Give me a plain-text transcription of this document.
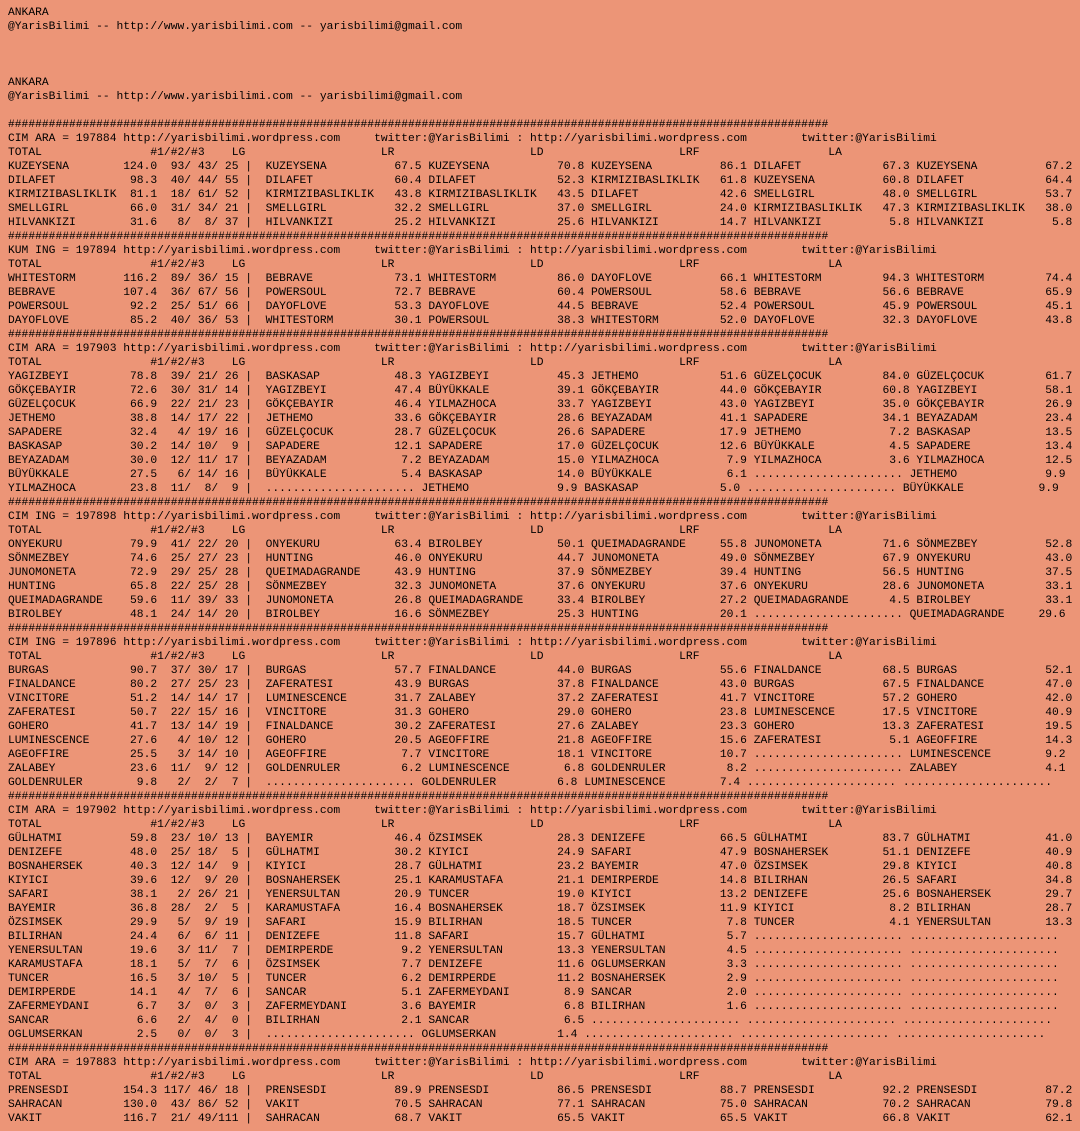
ANKARA
@YarisBilimi -- http://www.yarisbilimi.com -- yarisbilimi@gmail.com
ANKARA
@YarisBilimi -- http://www.yarisbilimi.com -- yarisbilimi@gmail.com
#########################################################################################################################
CIM ARA = 197884 http://yarisbilimi.wordpress.com     twitter:@YarisBilimi : http://yarisbilimi.wordpress.com        twitter:@YarisBilimi
TOTAL                #1/#2/#3    LG                    LR                    LD                    LRF                   LA
KUZEYSENA        124.0  93/ 43/ 25 |  KUZEYSENA          67.5 KUZEYSENA          70.8 KUZEYSENA          86.1 DILAFET            67.3 KUZEYSENA          67.2
DILAFET           98.3  40/ 44/ 55 |  DILAFET            60.4 DILAFET            52.3 KIRMIZIBASLIKLIK   61.8 KUZEYSENA          60.8 DILAFET            64.4
KIRMIZIBASLIKLIK  81.1  18/ 61/ 52 |  KIRMIZIBASLIKLIK   43.8 KIRMIZIBASLIKLIK   43.5 DILAFET            42.6 SMELLGIRL          48.0 SMELLGIRL          53.7
SMELLGIRL         66.0  31/ 34/ 21 |  SMELLGIRL          32.2 SMELLGIRL          37.0 SMELLGIRL          24.0 KIRMIZIBASLIKLIK   47.3 KIRMIZIBASLIKLIK   38.0
HILVANKIZI        31.6   8/  8/ 37 |  HILVANKIZI         25.2 HILVANKIZI         25.6 HILVANKIZI         14.7 HILVANKIZI          5.8 HILVANKIZI          5.8
#########################################################################################################################
KUM ING = 197894 http://yarisbilimi.wordpress.com     twitter:@YarisBilimi : http://yarisbilimi.wordpress.com        twitter:@YarisBilimi
TOTAL                #1/#2/#3    LG                    LR                    LD                    LRF                   LA
WHITESTORM       116.2  89/ 36/ 15 |  BEBRAVE            73.1 WHITESTORM         86.0 DAYOFLOVE          66.1 WHITESTORM         94.3 WHITESTORM         74.4
BEBRAVE          107.4  36/ 67/ 56 |  POWERSOUL          72.7 BEBRAVE            60.4 POWERSOUL          58.6 BEBRAVE            56.6 BEBRAVE            65.9
POWERSOUL         92.2  25/ 51/ 66 |  DAYOFLOVE          53.3 DAYOFLOVE          44.5 BEBRAVE            52.4 POWERSOUL          45.9 POWERSOUL          45.1
DAYOFLOVE         85.2  40/ 36/ 53 |  WHITESTORM         30.1 POWERSOUL          38.3 WHITESTORM         52.0 DAYOFLOVE          32.3 DAYOFLOVE          43.8
#########################################################################################################################
CIM ARA = 197903 http://yarisbilimi.wordpress.com     twitter:@YarisBilimi : http://yarisbilimi.wordpress.com        twitter:@YarisBilimi
TOTAL                #1/#2/#3    LG                    LR                    LD                    LRF                   LA
YAGIZBEYI         78.8  39/ 21/ 26 |  BASKASAP           48.3 YAGIZBEYI          45.3 JETHEMO            51.6 GÜZELÇOCUK         84.0 GÜZELÇOCUK         61.7
GÖKÇEBAYIR        72.6  30/ 31/ 14 |  YAGIZBEYI          47.4 BÜYÜKKALE          39.1 GÖKÇEBAYIR         44.0 GÖKÇEBAYIR         60.8 YAGIZBEYI          58.1
GÜZELÇOCUK        66.9  22/ 21/ 23 |  GÖKÇEBAYIR         46.4 YILMAZHOCA         33.7 YAGIZBEYI          43.0 YAGIZBEYI          35.0 GÖKÇEBAYIR         26.9
JETHEMO           38.8  14/ 17/ 22 |  JETHEMO            33.6 GÖKÇEBAYIR         28.6 BEYAZADAM          41.1 SAPADERE           34.1 BEYAZADAM          23.4
SAPADERE          32.4   4/ 19/ 16 |  GÜZELÇOCUK         28.7 GÜZELÇOCUK         26.6 SAPADERE           17.9 JETHEMO             7.2 BASKASAP           13.5
BASKASAP          30.2  14/ 10/  9 |  SAPADERE           12.1 SAPADERE           17.0 GÜZELÇOCUK         12.6 BÜYÜKKALE           4.5 SAPADERE           13.4
BEYAZADAM         30.0  12/ 11/ 17 |  BEYAZADAM           7.2 BEYAZADAM          15.0 YILMAZHOCA          7.9 YILMAZHOCA          3.6 YILMAZHOCA         12.5
BÜYÜKKALE         27.5   6/ 14/ 16 |  BÜYÜKKALE           5.4 BASKASAP           14.0 BÜYÜKKALE           6.1 ...................... JETHEMO             9.9
YILMAZHOCA        23.8  11/  8/  9 |  ...................... JETHEMO             9.9 BASKASAP            5.0 ...................... BÜYÜKKALE           9.9
#########################################################################################################################
CIM ING = 197898 http://yarisbilimi.wordpress.com     twitter:@YarisBilimi : http://yarisbilimi.wordpress.com        twitter:@YarisBilimi
TOTAL                #1/#2/#3    LG                    LR                    LD                    LRF                   LA
ONYEKURU          79.9  41/ 22/ 20 |  ONYEKURU           63.4 BIROLBEY           50.1 QUEIMADAGRANDE     55.8 JUNOMONETA         71.6 SÖNMEZBEY          52.8
SÖNMEZBEY         74.6  25/ 27/ 23 |  HUNTING            46.0 ONYEKURU           44.7 JUNOMONETA         49.0 SÖNMEZBEY          67.9 ONYEKURU           43.0
JUNOMONETA        72.9  29/ 25/ 28 |  QUEIMADAGRANDE     43.9 HUNTING            37.9 SÖNMEZBEY          39.4 HUNTING            56.5 HUNTING            37.5
HUNTING           65.8  22/ 25/ 28 |  SÖNMEZBEY          32.3 JUNOMONETA         37.6 ONYEKURU           37.6 ONYEKURU           28.6 JUNOMONETA         33.1
QUEIMADAGRANDE    59.6  11/ 39/ 33 |  JUNOMONETA         26.8 QUEIMADAGRANDE     33.4 BIROLBEY           27.2 QUEIMADAGRANDE      4.5 BIROLBEY           33.1
BIROLBEY          48.1  24/ 14/ 20 |  BIROLBEY           16.6 SÖNMEZBEY          25.3 HUNTING            20.1 ...................... QUEIMADAGRANDE     29.6
#########################################################################################################################
CIM ING = 197896 http://yarisbilimi.wordpress.com     twitter:@YarisBilimi : http://yarisbilimi.wordpress.com        twitter:@YarisBilimi
TOTAL                #1/#2/#3    LG                    LR                    LD                    LRF                   LA
BURGAS            90.7  37/ 30/ 17 |  BURGAS             57.7 FINALDANCE         44.0 BURGAS             55.6 FINALDANCE         68.5 BURGAS             52.1
FINALDANCE        80.2  27/ 25/ 23 |  ZAFERATESI         43.9 BURGAS             37.8 FINALDANCE         43.0 BURGAS             67.5 FINALDANCE         47.0
VINCITORE         51.2  14/ 14/ 17 |  LUMINESCENCE       31.7 ZALABEY            37.2 ZAFERATESI         41.7 VINCITORE          57.2 GOHERO             42.0
ZAFERATESI        50.7  22/ 15/ 16 |  VINCITORE          31.3 GOHERO             29.0 GOHERO             23.8 LUMINESCENCE       17.5 VINCITORE          40.9
GOHERO            41.7  13/ 14/ 19 |  FINALDANCE         30.2 ZAFERATESI         27.6 ZALABEY            23.3 GOHERO             13.3 ZAFERATESI         19.5
LUMINESCENCE      27.6   4/ 10/ 12 |  GOHERO             20.5 AGEOFFIRE          21.8 AGEOFFIRE          15.6 ZAFERATESI          5.1 AGEOFFIRE          14.3
AGEOFFIRE         25.5   3/ 14/ 10 |  AGEOFFIRE           7.7 VINCITORE          18.1 VINCITORE          10.7 ...................... LUMINESCENCE        9.2
ZALABEY           23.6  11/  9/ 12 |  GOLDENRULER         6.2 LUMINESCENCE        6.8 GOLDENRULER         8.2 ...................... ZALABEY             4.1
GOLDENRULER        9.8   2/  2/  7 |  ...................... GOLDENRULER         6.8 LUMINESCENCE        7.4 ...................... ......................
#########################################################################################################################
CIM ARA = 197902 http://yarisbilimi.wordpress.com     twitter:@YarisBilimi : http://yarisbilimi.wordpress.com        twitter:@YarisBilimi
TOTAL                #1/#2/#3    LG                    LR                    LD                    LRF                   LA
GÜLHATMI          59.8  23/ 10/ 13 |  BAYEMIR            46.4 ÖZSIMSEK           28.3 DENIZEFE           66.5 GÜLHATMI           83.7 GÜLHATMI           41.0
DENIZEFE          48.0  25/ 18/  5 |  GÜLHATMI           30.2 KIYICI             24.9 SAFARI             47.9 BOSNAHERSEK        51.1 DENIZEFE           40.9
BOSNAHERSEK       40.3  12/ 14/  9 |  KIYICI             28.7 GÜLHATMI           23.2 BAYEMIR            47.0 ÖZSIMSEK           29.8 KIYICI             40.8
KIYICI            39.6  12/  9/ 20 |  BOSNAHERSEK        25.1 KARAMUSTAFA        21.1 DEMIRPERDE         14.8 BILIRHAN           26.5 SAFARI             34.8
SAFARI            38.1   2/ 26/ 21 |  YENERSULTAN        20.9 TUNCER             19.0 KIYICI             13.2 DENIZEFE           25.6 BOSNAHERSEK        29.7
BAYEMIR           36.8  28/  2/  5 |  KARAMUSTAFA        16.4 BOSNAHERSEK        18.7 ÖZSIMSEK           11.9 KIYICI              8.2 BILIRHAN           28.7
ÖZSIMSEK          29.9   5/  9/ 19 |  SAFARI             15.9 BILIRHAN           18.5 TUNCER              7.8 TUNCER              4.1 YENERSULTAN        13.3
BILIRHAN          24.4   6/  6/ 11 |  DENIZEFE           11.8 SAFARI             15.7 GÜLHATMI            5.7 ...................... ......................
YENERSULTAN       19.6   3/ 11/  7 |  DEMIRPERDE          9.2 YENERSULTAN        13.3 YENERSULTAN         4.5 ...................... ......................
KARAMUSTAFA       18.1   5/  7/  6 |  ÖZSIMSEK            7.7 DENIZEFE           11.6 OGLUMSERKAN         3.3 ...................... ......................
TUNCER            16.5   3/ 10/  5 |  TUNCER              6.2 DEMIRPERDE         11.2 BOSNAHERSEK         2.9 ...................... ......................
DEMIRPERDE        14.1   4/  7/  6 |  SANCAR              5.1 ZAFERMEYDANI        8.9 SANCAR              2.0 ...................... ......................
ZAFERMEYDANI       6.7   3/  0/  3 |  ZAFERMEYDANI        3.6 BAYEMIR             6.8 BILIRHAN            1.6 ...................... ......................
SANCAR             6.6   2/  4/  0 |  BILIRHAN            2.1 SANCAR              6.5 ...................... ...................... ......................
OGLUMSERKAN        2.5   0/  0/  3 |  ...................... OGLUMSERKAN         1.4 ...................... ...................... ......................
#########################################################################################################################
CIM ARA = 197883 http://yarisbilimi.wordpress.com     twitter:@YarisBilimi : http://yarisbilimi.wordpress.com        twitter:@YarisBilimi
TOTAL                #1/#2/#3    LG                    LR                    LD                    LRF                   LA
PRENSESDI        154.3 117/ 46/ 18 |  PRENSESDI          89.9 PRENSESDI          86.5 PRENSESDI          88.7 PRENSESDI          92.2 PRENSESDI          87.2
SAHRACAN         130.0  43/ 86/ 52 |  VAKIT              70.5 SAHRACAN           77.1 SAHRACAN           75.0 SAHRACAN           70.2 SAHRACAN           79.8
VAKIT            116.7  21/ 49/111 |  SAHRACAN           68.7 VAKIT              65.5 VAKIT              65.5 VAKIT              66.8 VAKIT              62.1
